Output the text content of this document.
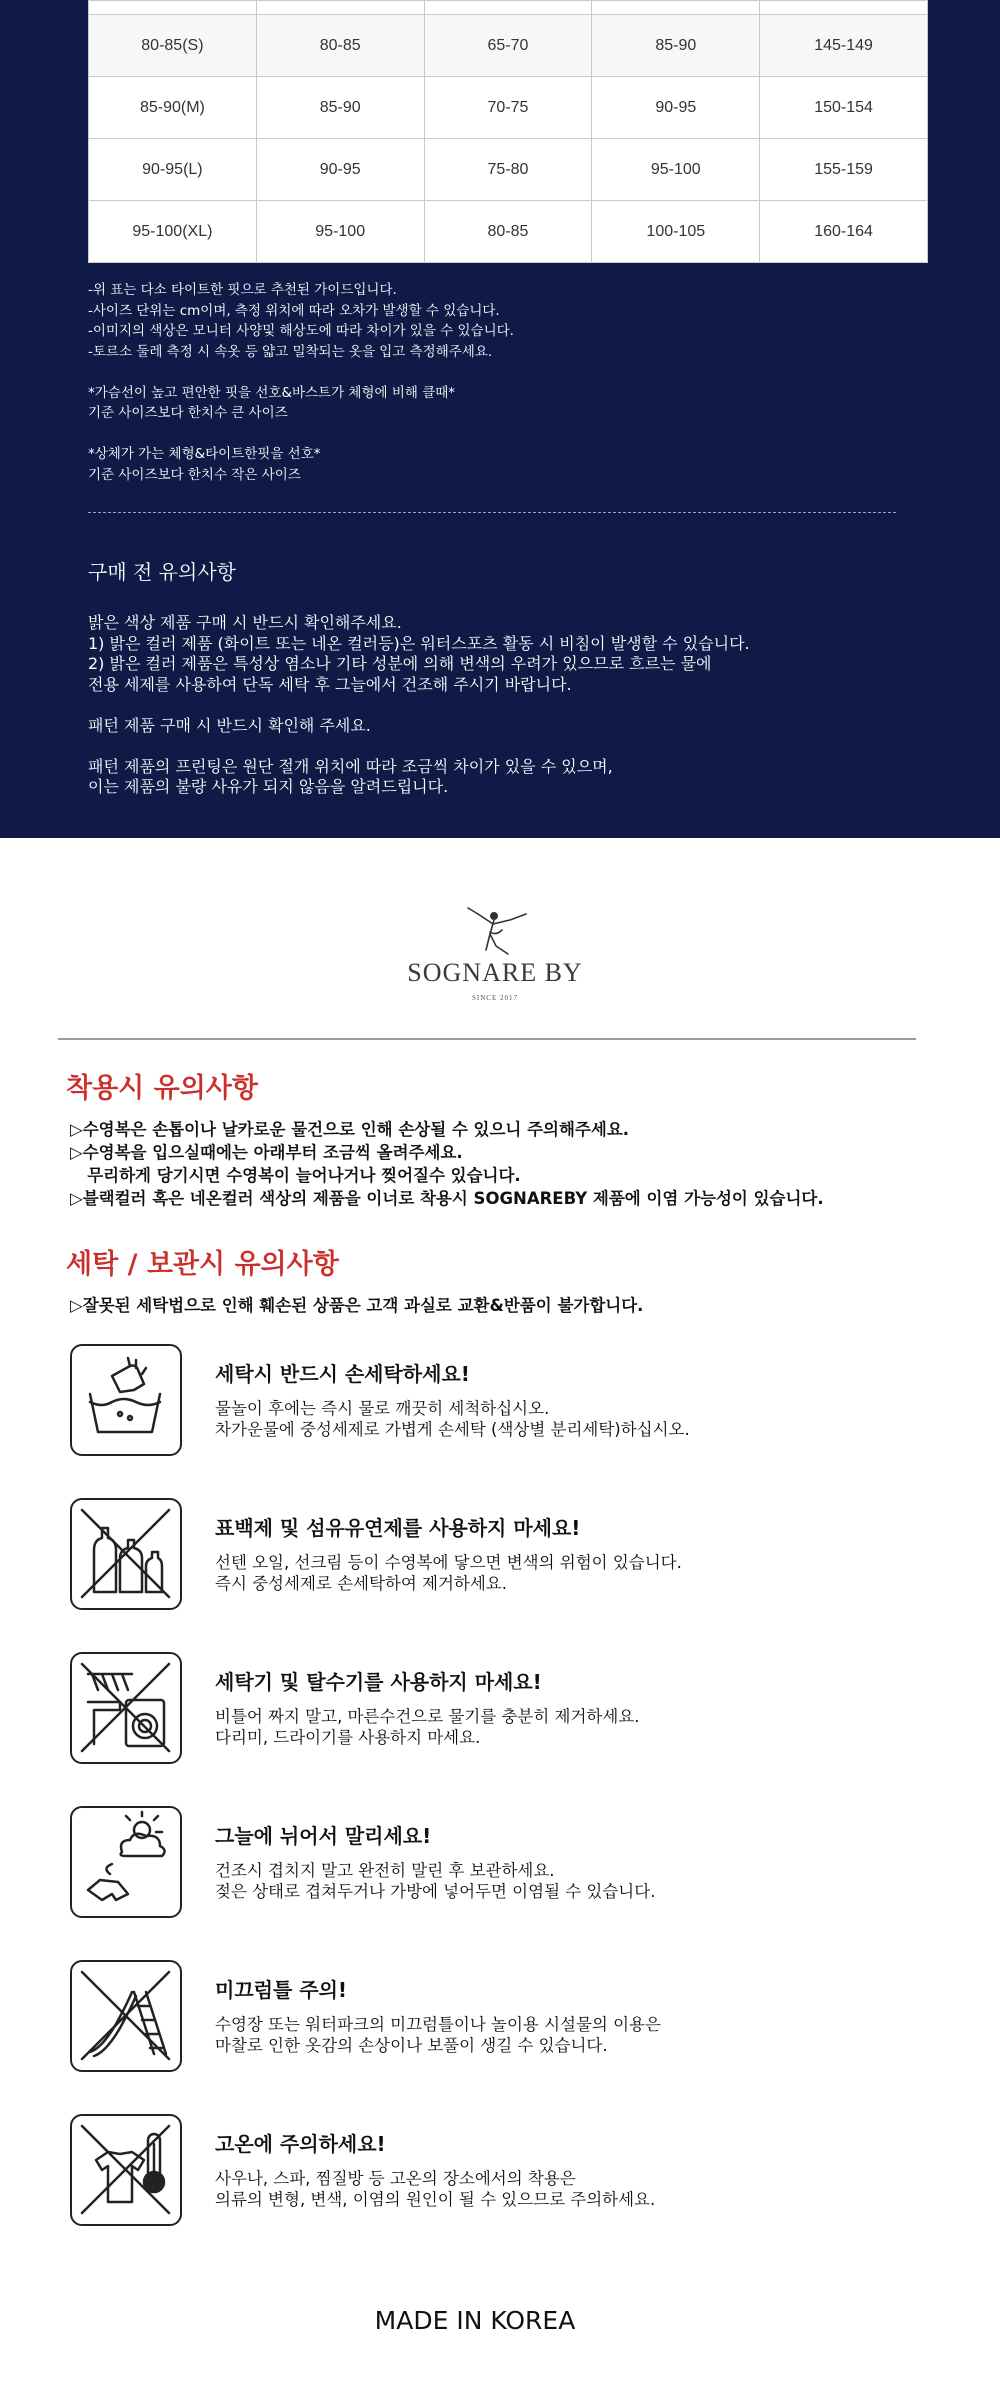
80-85(S)	80-85	65-70	85-90	145-149
85-90(M)	85-90	70-75	90-95	150-154
90-95(L)	90-95	75-80	95-100	155-159
95-100(XL)	95-100	80-85	100-105	160-164

-위 표는 다소 타이트한 핏으로 추천된 가이드입니다.

-사이즈 단위는 cm이며, 측정 위치에 따라 오차가 발생할 수 있습니다.

-이미지의 색상은 모니터 사양및 해상도에 따라 차이가 있을 수 있습니다.

-토르소 둘레 측정 시 속옷 등 얇고 밀착되는 옷을 입고 측정해주세요.

*가슴선이 높고 편안한 핏을 선호&바스트가 체형에 비해 클때*

기준 사이즈보다 한치수 큰 사이즈

*상체가 가는 체형&타이트한핏을 선호*

기준 사이즈보다 한치수 작은 사이즈

구매 전 유의사항

밝은 색상 제품 구매 시 반드시 확인해주세요.

1) 밝은 컬러 제품 (화이트 또는 네온 컬러등)은 워터스포츠 활동 시 비침이 발생할 수 있습니다.

2) 밝은 컬러 제품은 특성상 염소나 기타 성분에 의해 변색의 우려가 있으므로 흐르는 물에

전용 세제를 사용하여 단독 세탁 후 그늘에서 건조해 주시기 바랍니다.

패턴 제품 구매 시 반드시 확인해 주세요.

패턴 제품의 프린팅은 원단 절개 위치에 따라 조금씩 차이가 있을 수 있으며,

이는 제품의 불량 사유가 되지 않음을 알려드립니다.

SOGNARE BY
SINCE 2017
착용시 유의사항

▷수영복은 손톱이나 날카로운 물건으로 인해 손상될 수 있으니 주의해주세요.

▷수영복을 입으실때에는 아래부터 조금씩 올려주세요.

무리하게 당기시면 수영복이 늘어나거나 찢어질수 있습니다.

▷블랙컬러 혹은 네온컬러 색상의 제품을 이너로 착용시 SOGNAREBY 제품에 이염 가능성이 있습니다.

세탁 / 보관시 유의사항
▷잘못된 세탁법으로 인해 훼손된 상품은 고객 과실로 교환&반품이 불가합니다.
세탁시 반드시 손세탁하세요!

물놀이 후에는 즉시 물로 깨끗히 세척하십시오.

차가운물에 중성세제로 가볍게 손세탁 (색상별 분리세탁)하십시오.

표백제 및 섬유유연제를 사용하지 마세요!

선텐 오일, 선크림 등이 수영복에 닿으면 변색의 위험이 있습니다.

즉시 중성세제로 손세탁하여 제거하세요.

세탁기 및 탈수기를 사용하지 마세요!

비틀어 짜지 말고, 마른수건으로 물기를 충분히 제거하세요.

다리미, 드라이기를 사용하지 마세요.

그늘에 뉘어서 말리세요!

건조시 겹치지 말고 완전히 말린 후 보관하세요.

젖은 상태로 겹쳐두거나 가방에 넣어두면 이염될 수 있습니다.

미끄럼틀 주의!

수영장 또는 워터파크의 미끄럼틀이나 놀이용 시설물의 이용은

마찰로 인한 옷감의 손상이나 보풀이 생길 수 있습니다.

고온에 주의하세요!

사우나, 스파, 찜질방 등 고온의 장소에서의 착용은

의류의 변형, 변색, 이염의 원인이 될 수 있으므로 주의하세요.

MADE IN KOREA
